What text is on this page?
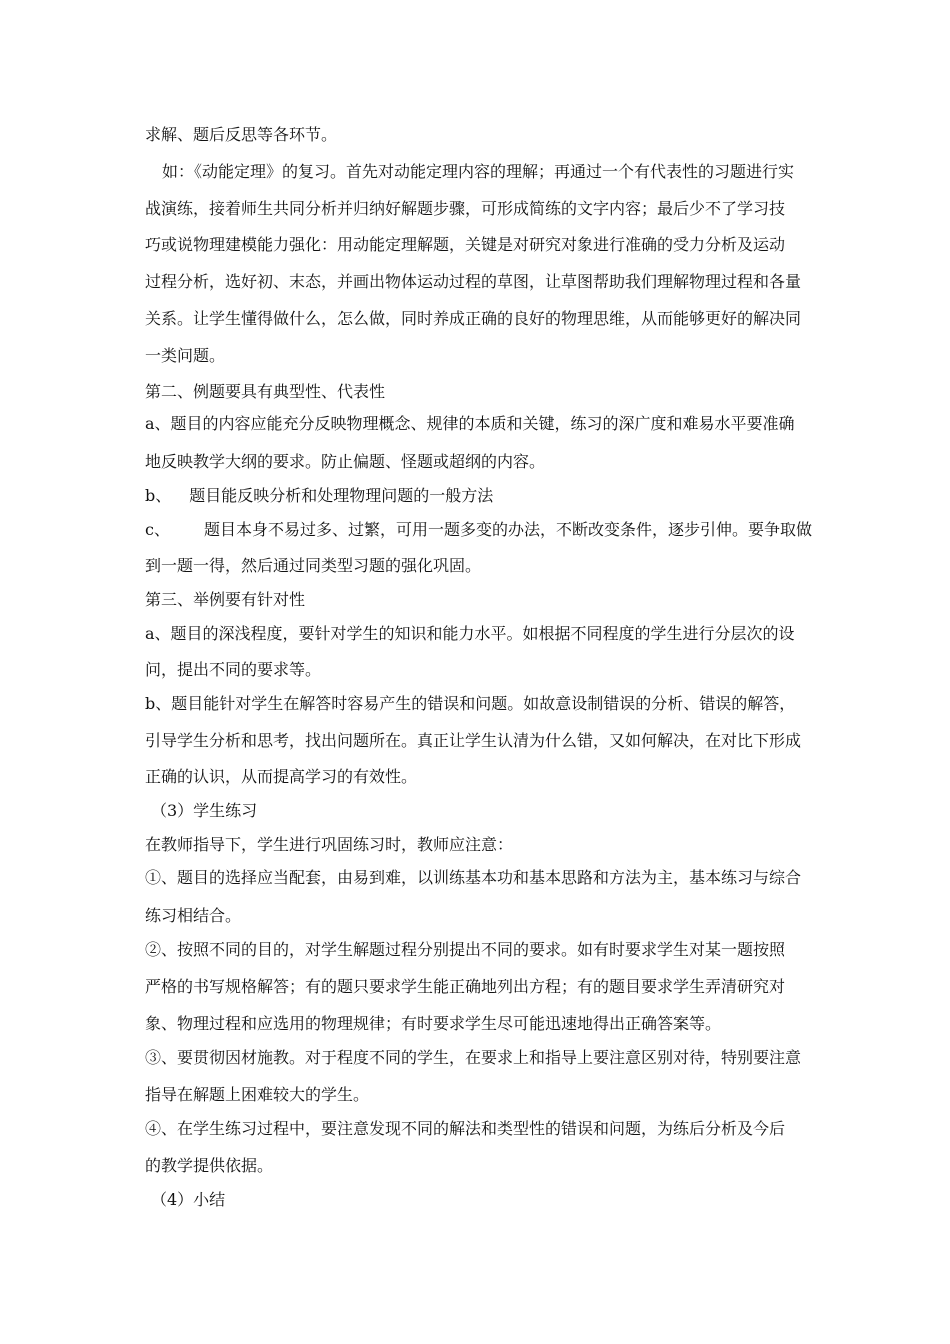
求解、题后反思等各环节。
如：《动能定理》的复习。首先对动能定理内容的理解；再通过一个有代表性的习题进行实
战演练，接着师生共同分析并归纳好解题步骤，可形成简练的文字内容；最后少不了学习技
巧或说物理建模能力强化：用动能定理解题，关键是对研究对象进行准确的受力分析及运动
过程分析，选好初、末态，并画出物体运动过程的草图，让草图帮助我们理解物理过程和各量
关系。让学生懂得做什么，怎么做，同时养成正确的良好的物理思维，从而能够更好的解决同
一类问题。
第二、例题要具有典型性、代表性
a、题目的内容应能充分反映物理概念、规律的本质和关键，练习的深广度和难易水平要准确
地反映教学大纲的要求。防止偏题、怪题或超纲的内容。
b、 题目能反映分析和处理物理问题的一般方法
c、 题目本身不易过多、过繁，可用一题多变的办法，不断改变条件，逐步引伸。要争取做
到一题一得，然后通过同类型习题的强化巩固。
第三、举例要有针对性
a、题目的深浅程度，要针对学生的知识和能力水平。如根据不同程度的学生进行分层次的设
问，提出不同的要求等。
b、题目能针对学生在解答时容易产生的错误和问题。如故意设制错误的分析、错误的解答，
引导学生分析和思考，找出问题所在。真正让学生认清为什么错，又如何解决，在对比下形成
正确的认识，从而提高学习的有效性。
（3）学生练习
在教师指导下，学生进行巩固练习时，教师应注意：
①、题目的选择应当配套，由易到难，以训练基本功和基本思路和方法为主，基本练习与综合
练习相结合。
②、按照不同的目的，对学生解题过程分别提出不同的要求。如有时要求学生对某一题按照
严格的书写规格解答；有的题只要求学生能正确地列出方程；有的题目要求学生弄清研究对
象、物理过程和应选用的物理规律；有时要求学生尽可能迅速地得出正确答案等。
③、要贯彻因材施教。对于程度不同的学生，在要求上和指导上要注意区别对待，特别要注意
指导在解题上困难较大的学生。
④、在学生练习过程中，要注意发现不同的解法和类型性的错误和问题，为练后分析及今后
的教学提供依据。
（4）小结
